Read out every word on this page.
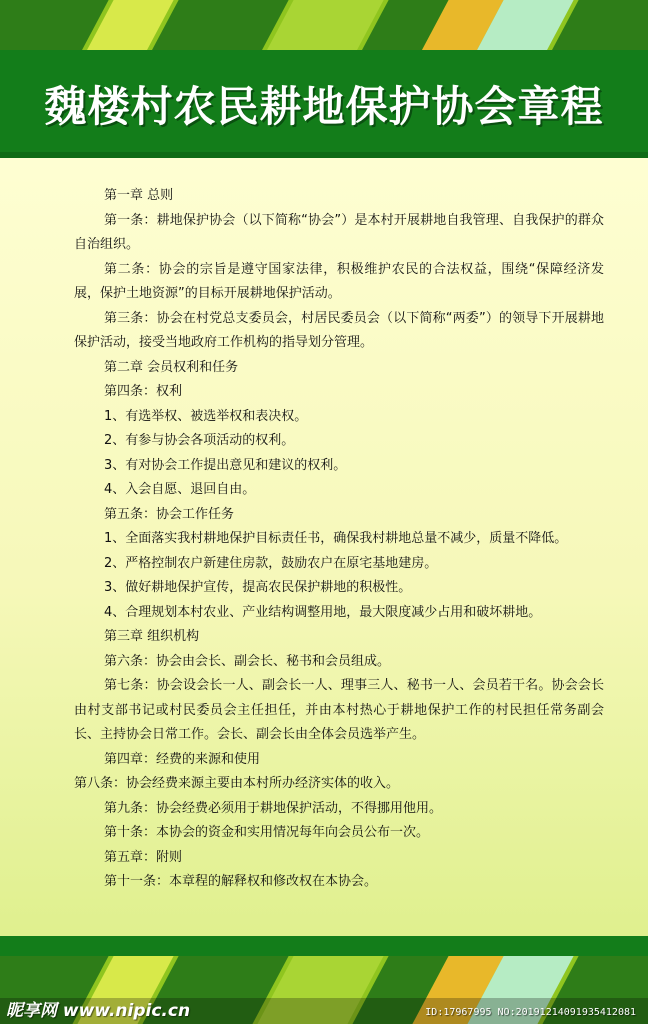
魏楼村农民耕地保护协会章程

第一章 总则

第一条：耕地保护协会（以下简称“协会”）是本村开展耕地自我管理、自我保护的群众自治组织。

第二条：协会的宗旨是遵守国家法律，积极维护农民的合法权益，围绕“保障经济发展，保护土地资源”的目标开展耕地保护活动。

第三条：协会在村党总支委员会，村居民委员会（以下简称“两委”）的领导下开展耕地保护活动，接受当地政府工作机构的指导划分管理。

第二章 会员权利和任务

第四条：权利

1、有选举权、被选举权和表决权。

2、有参与协会各项活动的权利。

3、有对协会工作提出意见和建议的权利。

4、入会自愿、退回自由。

第五条：协会工作任务

1、全面落实我村耕地保护目标责任书，确保我村耕地总量不减少，质量不降低。

2、严格控制农户新建住房款，鼓励农户在原宅基地建房。

3、做好耕地保护宣传，提高农民保护耕地的积极性。

4、合理规划本村农业、产业结构调整用地，最大限度减少占用和破坏耕地。

第三章 组织机构

第六条：协会由会长、副会长、秘书和会员组成。

第七条：协会设会长一人、副会长一人、理事三人、秘书一人、会员若干名。协会会长由村支部书记或村民委员会主任担任，并由本村热心于耕地保护工作的村民担任常务副会长、主持协会日常工作。会长、副会长由全体会员选举产生。

第四章：经费的来源和使用

第八条：协会经费来源主要由本村所办经济实体的收入。

第九条：协会经费必须用于耕地保护活动，不得挪用他用。

第十条：本协会的资金和实用情况每年向会员公布一次。

第五章：附则

第十一条：本章程的解释权和修改权在本协会。

昵享网 www.nipic.cn	ID:17967995 NO:20191214091935412081
